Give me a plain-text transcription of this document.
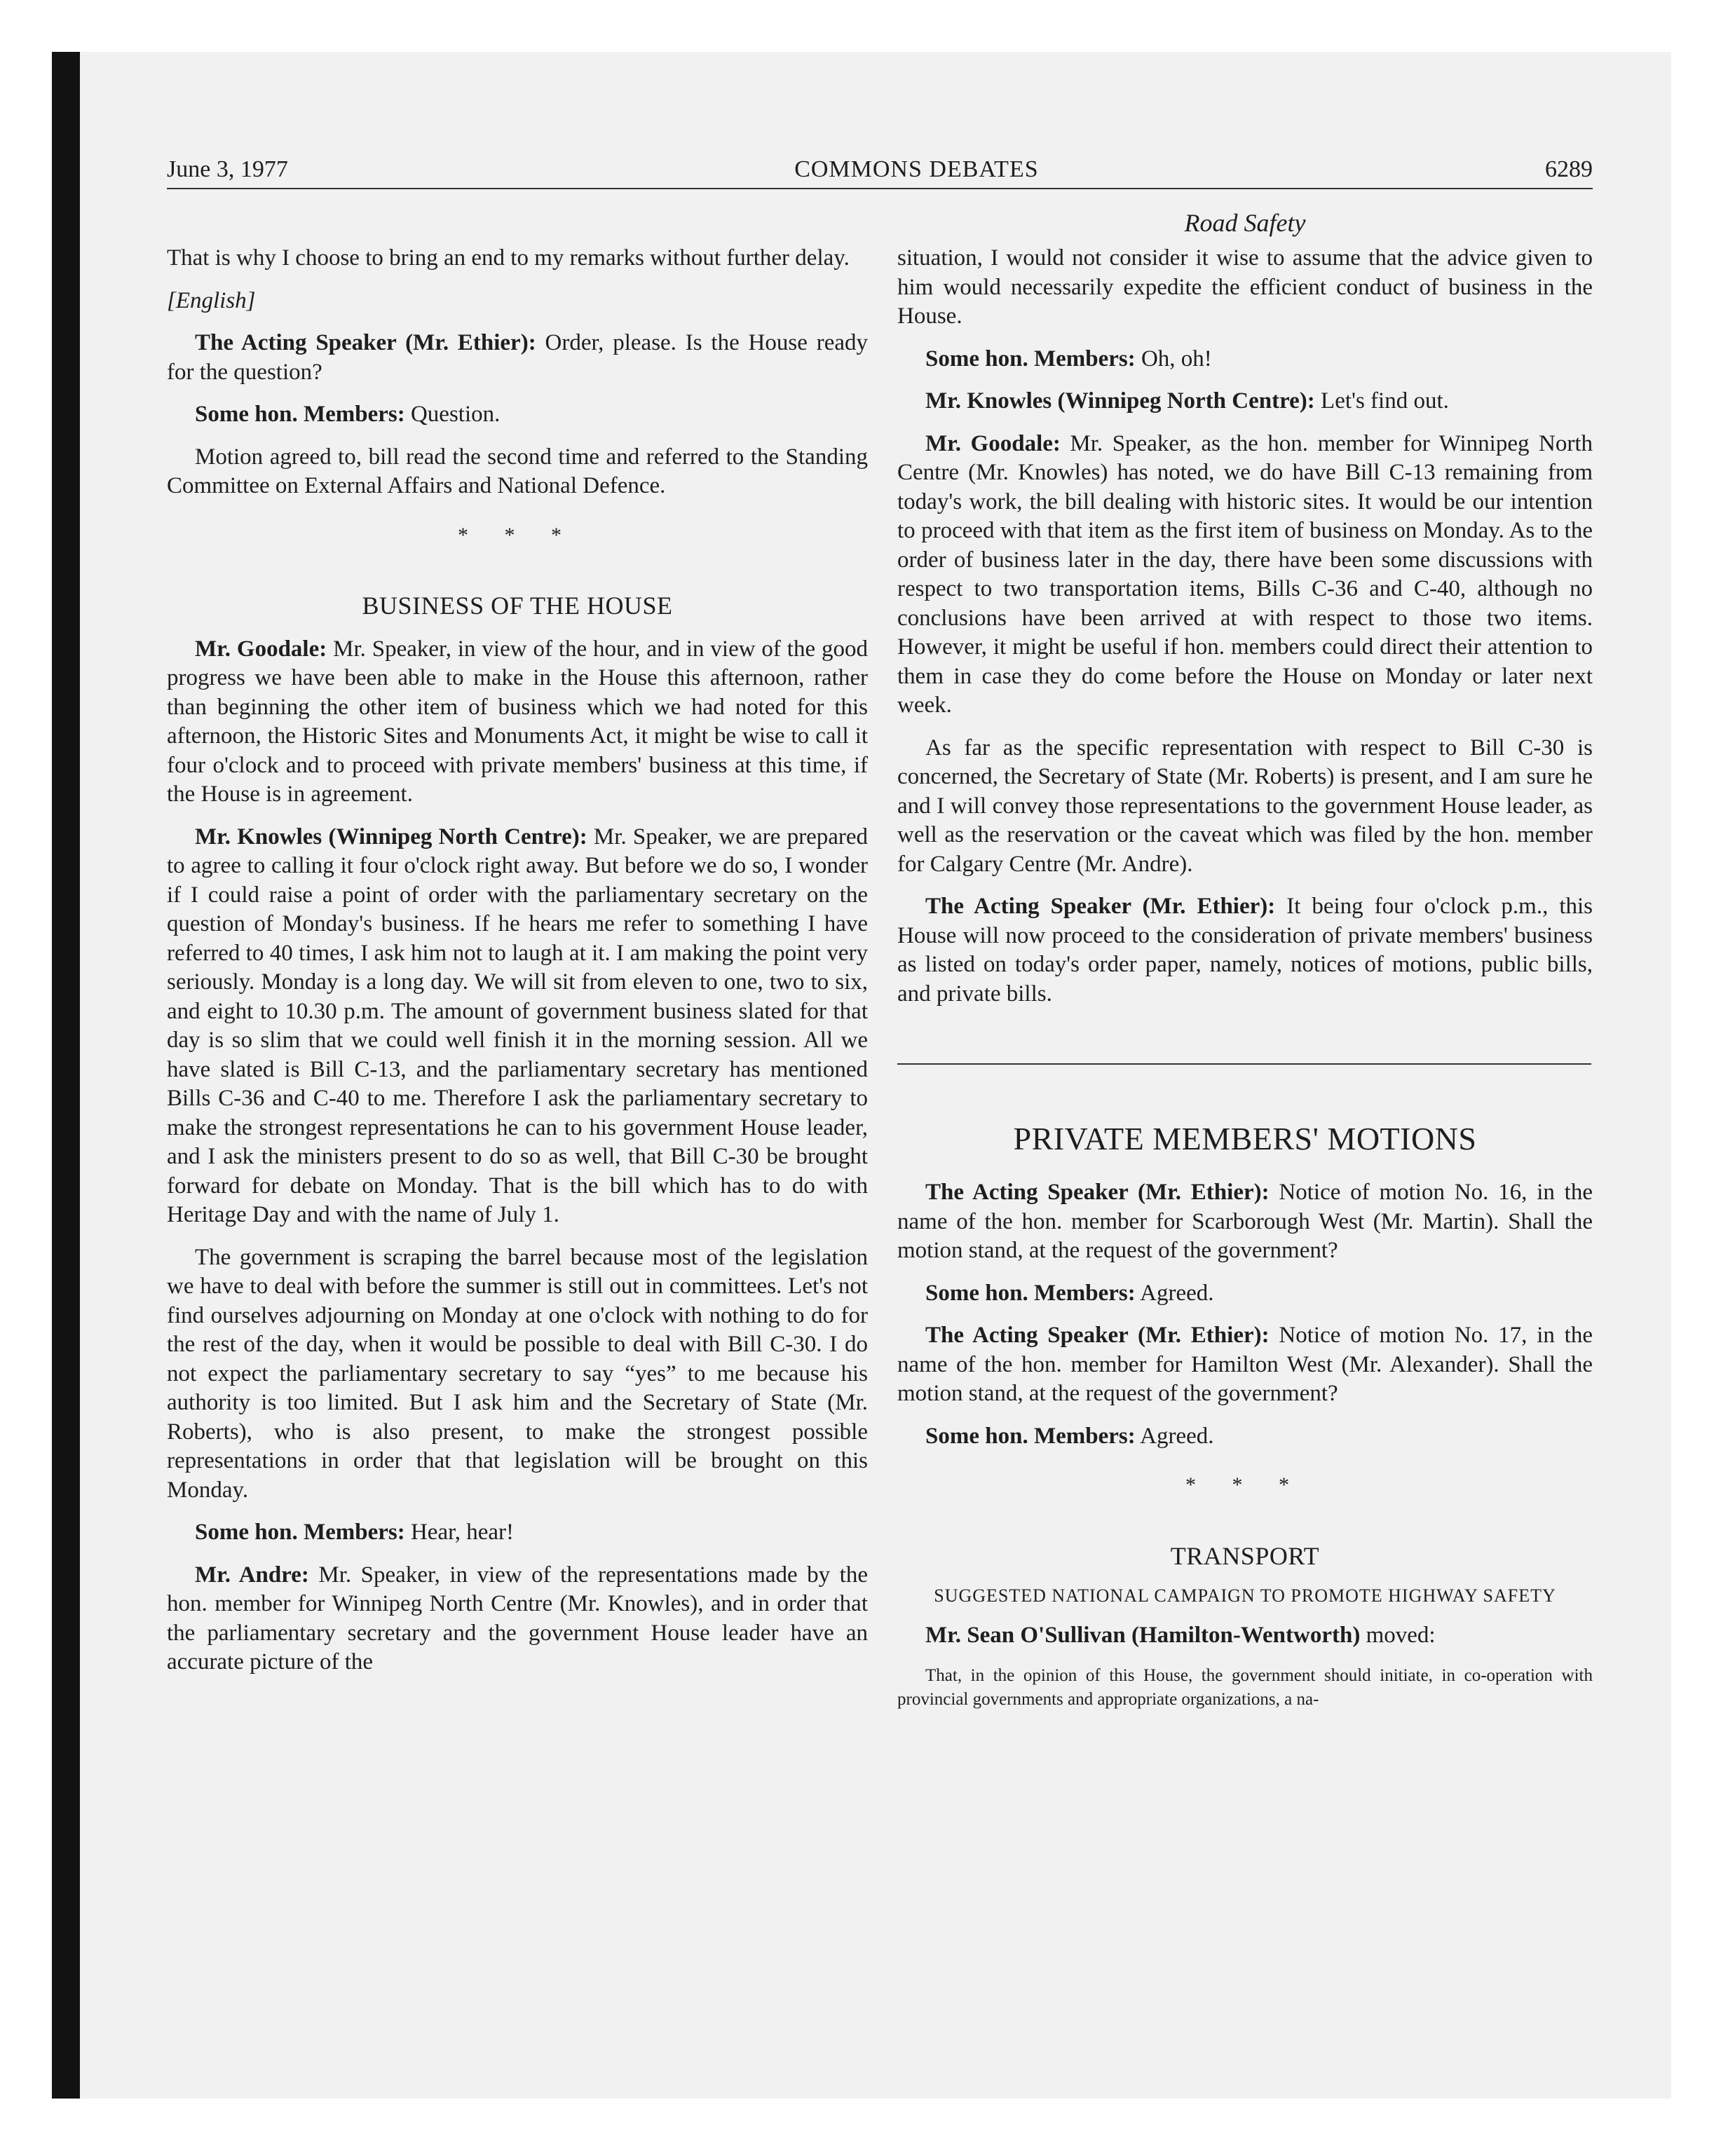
June 3, 1977	COMMONS DEBATES	6289
Road Safety

That is why I choose to bring an end to my remarks without further delay.

[English]

The Acting Speaker (Mr. Ethier): Order, please. Is the House ready for the question?

Some hon. Members: Question.

Motion agreed to, bill read the second time and referred to the Standing Committee on External Affairs and National Defence.

* * *

BUSINESS OF THE HOUSE

Mr. Goodale: Mr. Speaker, in view of the hour, and in view of the good progress we have been able to make in the House this afternoon, rather than beginning the other item of business which we had noted for this afternoon, the Historic Sites and Monuments Act, it might be wise to call it four o'clock and to proceed with private members' business at this time, if the House is in agreement.

Mr. Knowles (Winnipeg North Centre): Mr. Speaker, we are prepared to agree to calling it four o'clock right away. But before we do so, I wonder if I could raise a point of order with the parliamentary secretary on the question of Monday's business. If he hears me refer to something I have referred to 40 times, I ask him not to laugh at it. I am making the point very seriously. Monday is a long day. We will sit from eleven to one, two to six, and eight to 10.30 p.m. The amount of government business slated for that day is so slim that we could well finish it in the morning session. All we have slated is Bill C-13, and the parliamentary secretary has mentioned Bills C-36 and C-40 to me. Therefore I ask the parliamentary secretary to make the strongest representations he can to his government House leader, and I ask the ministers present to do so as well, that Bill C-30 be brought forward for debate on Monday. That is the bill which has to do with Heritage Day and with the name of July 1.

The government is scraping the barrel because most of the legislation we have to deal with before the summer is still out in committees. Let's not find ourselves adjourning on Monday at one o'clock with nothing to do for the rest of the day, when it would be possible to deal with Bill C-30. I do not expect the parliamentary secretary to say “yes” to me because his authority is too limited. But I ask him and the Secretary of State (Mr. Roberts), who is also present, to make the strongest possible representations in order that that legislation will be brought on this Monday.

Some hon. Members: Hear, hear!

Mr. Andre: Mr. Speaker, in view of the representations made by the hon. member for Winnipeg North Centre (Mr. Knowles), and in order that the parliamentary secretary and the government House leader have an accurate picture of the

situation, I would not consider it wise to assume that the advice given to him would necessarily expedite the efficient conduct of business in the House.

Some hon. Members: Oh, oh!

Mr. Knowles (Winnipeg North Centre): Let's find out.

Mr. Goodale: Mr. Speaker, as the hon. member for Winnipeg North Centre (Mr. Knowles) has noted, we do have Bill C-13 remaining from today's work, the bill dealing with historic sites. It would be our intention to proceed with that item as the first item of business on Monday. As to the order of business later in the day, there have been some discussions with respect to two transportation items, Bills C-36 and C-40, although no conclusions have been arrived at with respect to those two items. However, it might be useful if hon. members could direct their attention to them in case they do come before the House on Monday or later next week.

As far as the specific representation with respect to Bill C-30 is concerned, the Secretary of State (Mr. Roberts) is present, and I am sure he and I will convey those representations to the government House leader, as well as the reservation or the caveat which was filed by the hon. member for Calgary Centre (Mr. Andre).

The Acting Speaker (Mr. Ethier): It being four o'clock p.m., this House will now proceed to the consideration of private members' business as listed on today's order paper, namely, notices of motions, public bills, and private bills.

PRIVATE MEMBERS' MOTIONS

The Acting Speaker (Mr. Ethier): Notice of motion No. 16, in the name of the hon. member for Scarborough West (Mr. Martin). Shall the motion stand, at the request of the government?

Some hon. Members: Agreed.

The Acting Speaker (Mr. Ethier): Notice of motion No. 17, in the name of the hon. member for Hamilton West (Mr. Alexander). Shall the motion stand, at the request of the government?

Some hon. Members: Agreed.

* * *

TRANSPORT

SUGGESTED NATIONAL CAMPAIGN TO PROMOTE HIGHWAY SAFETY

Mr. Sean O'Sullivan (Hamilton-Wentworth) moved:

That, in the opinion of this House, the government should initiate, in co-operation with provincial governments and appropriate organizations, a na-
